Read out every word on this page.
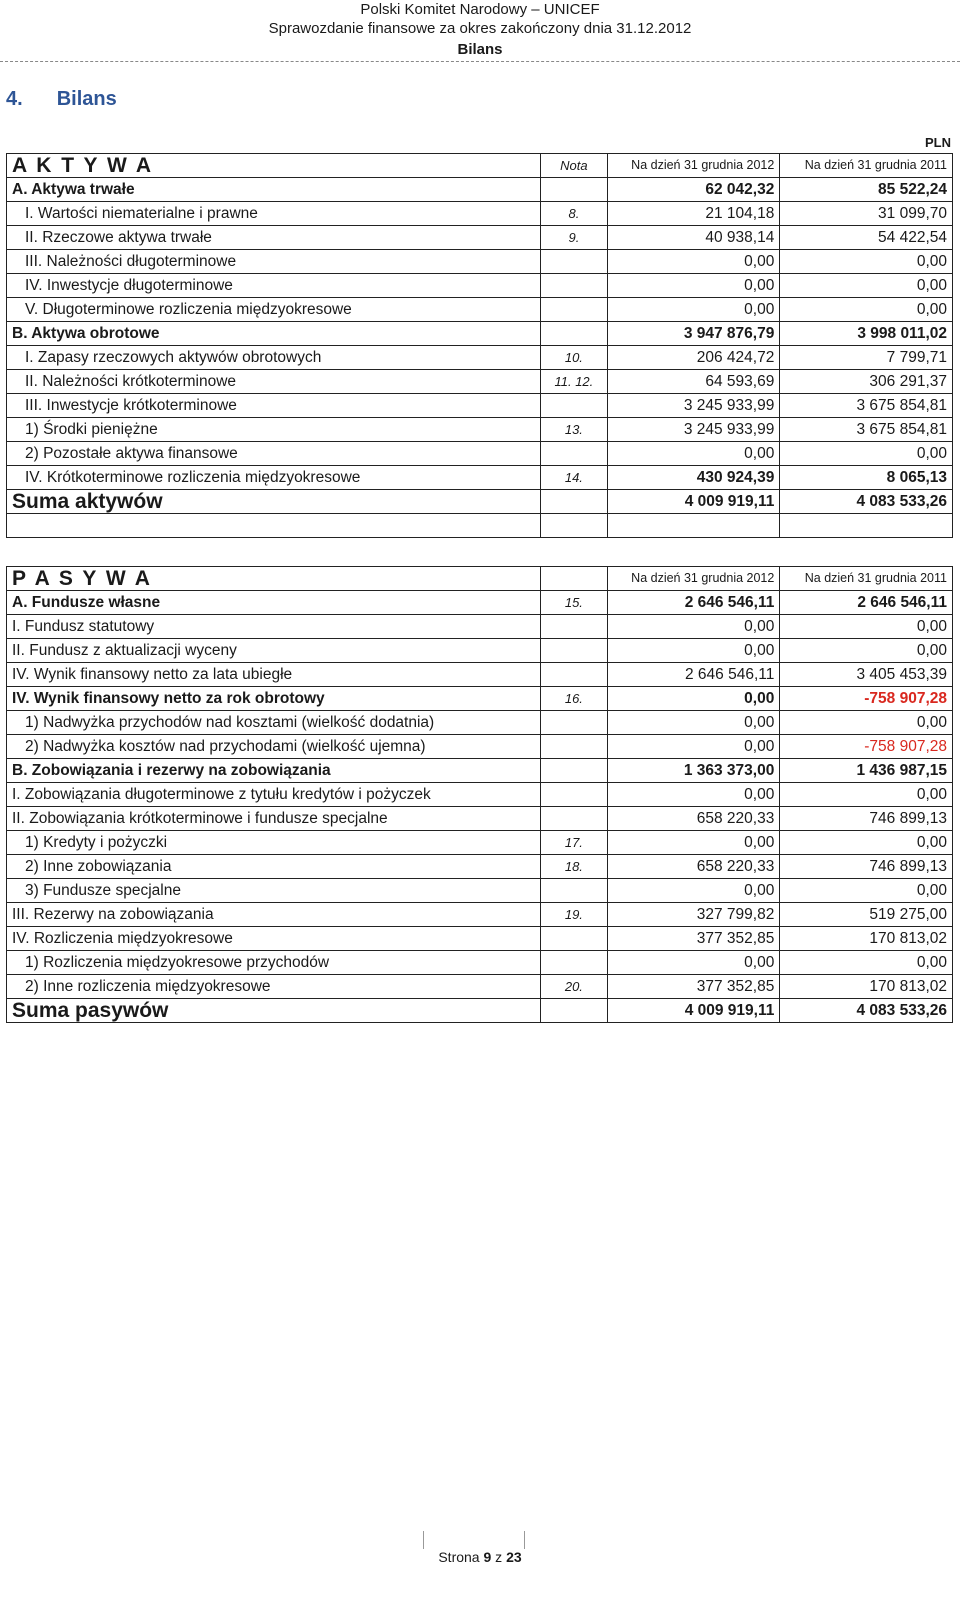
Polski Komitet Narodowy – UNICEF
Sprawozdanie finansowe za okres zakończony dnia 31.12.2012
Bilans
4. Bilans
PLN
A K T Y W A	Nota	Na dzień 31 grudnia 2012	Na dzień 31 grudnia 2011
A. Aktywa trwałe		62 042,32	85 522,24
I. Wartości niematerialne i prawne	8.	21 104,18	31 099,70
II. Rzeczowe aktywa trwałe	9.	40 938,14	54 422,54
III. Należności długoterminowe		0,00	0,00
IV. Inwestycje długoterminowe		0,00	0,00
V. Długoterminowe rozliczenia międzyokresowe		0,00	0,00
B. Aktywa obrotowe		3 947 876,79	3 998 011,02
I. Zapasy rzeczowych aktywów obrotowych	10.	206 424,72	7 799,71
II. Należności krótkoterminowe	11. 12.	64 593,69	306 291,37
III. Inwestycje krótkoterminowe		3 245 933,99	3 675 854,81
1) Środki pieniężne	13.	3 245 933,99	3 675 854,81
2) Pozostałe aktywa finansowe		0,00	0,00
IV. Krótkoterminowe rozliczenia międzyokresowe	14.	430 924,39	8 065,13
Suma aktywów		4 009 919,11	4 083 533,26

P A S Y W A		Na dzień 31 grudnia 2012	Na dzień 31 grudnia 2011
A. Fundusze własne	15.	2 646 546,11	2 646 546,11
I. Fundusz statutowy		0,00	0,00
II. Fundusz z aktualizacji wyceny		0,00	0,00
IV. Wynik finansowy netto za lata ubiegłe		2 646 546,11	3 405 453,39
IV. Wynik finansowy netto za rok obrotowy	16.	0,00	-758 907,28
1) Nadwyżka przychodów nad kosztami (wielkość dodatnia)		0,00	0,00
2) Nadwyżka kosztów nad przychodami (wielkość ujemna)		0,00	-758 907,28
B. Zobowiązania i rezerwy na zobowiązania		1 363 373,00	1 436 987,15
I. Zobowiązania długoterminowe z tytułu kredytów i pożyczek		0,00	0,00
II. Zobowiązania krótkoterminowe i fundusze specjalne		658 220,33	746 899,13
1) Kredyty i pożyczki	17.	0,00	0,00
2) Inne zobowiązania	18.	658 220,33	746 899,13
3) Fundusze specjalne		0,00	0,00
III. Rezerwy na zobowiązania	19.	327 799,82	519 275,00
IV. Rozliczenia międzyokresowe		377 352,85	170 813,02
1) Rozliczenia międzyokresowe przychodów		0,00	0,00
2) Inne rozliczenia międzyokresowe	20.	377 352,85	170 813,02
Suma pasywów		4 009 919,11	4 083 533,26
Strona 9 z 23
